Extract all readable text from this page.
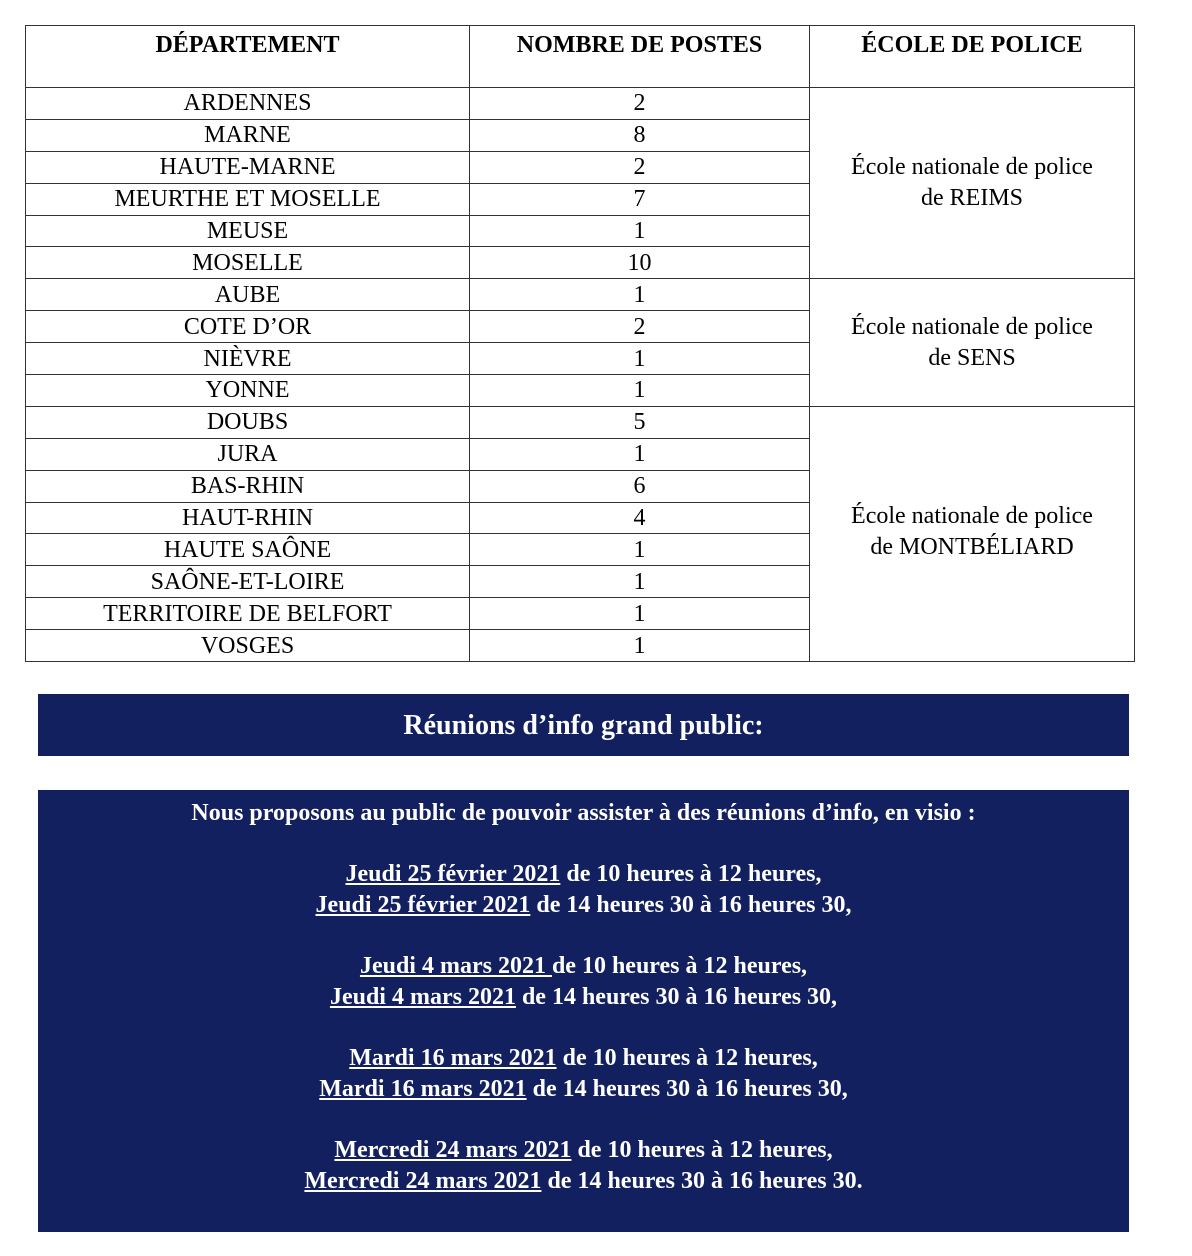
DÉPARTEMENT	NOMBRE DE POSTES	ÉCOLE DE POLICE
ARDENNES	2	École nationale de police
de REIMS

MARNE	8	
HAUTE-MARNE	2	
MEURTHE ET MOSELLE	7	
MEUSE	1	
MOSELLE	10	
AUBE	1	École nationale de police
de SENS

COTE D’OR	2	
NIÈVRE	1	
YONNE	1	
DOUBS	5	École nationale de police
de MONTBÉLIARD

JURA	1	
BAS-RHIN	6	
HAUT-RHIN	4	
HAUTE SAÔNE	1	
SAÔNE-ET-LOIRE	1	
TERRITOIRE DE BELFORT	1	
VOSGES	1	
Réunions d’info grand public:
Nous proposons au public de pouvoir assister à des réunions d’info, en visio :
Jeudi 25 février 2021 de 10 heures à 12 heures,
Jeudi 25 février 2021 de 14 heures 30 à 16 heures 30,
Jeudi 4 mars 2021 de 10 heures à 12 heures,
Jeudi 4 mars 2021 de 14 heures 30 à 16 heures 30,
Mardi 16 mars 2021 de 10 heures à 12 heures,
Mardi 16 mars 2021 de 14 heures 30 à 16 heures 30,
Mercredi 24 mars 2021 de 10 heures à 12 heures,
Mercredi 24 mars 2021 de 14 heures 30 à 16 heures 30.
